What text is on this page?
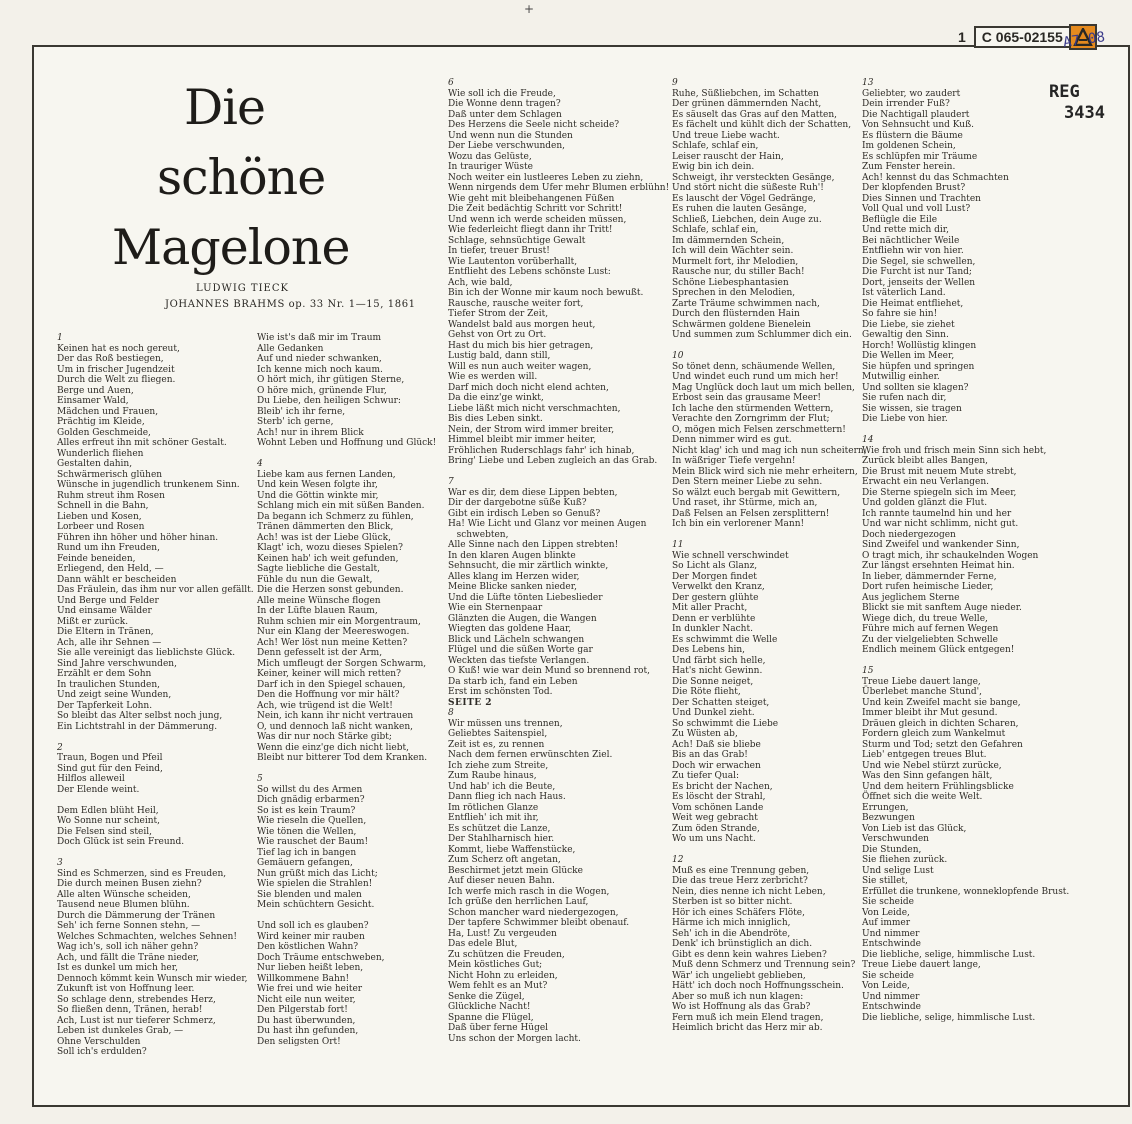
+
1	C 065-02155 A7 08
REG
3434
Die
schöne
Magelone
LUDWIG TIECK
JOHANNES BRAHMS op. 33 Nr. 1—15, 1861
1
Keinen hat es noch gereut,
Der das Roß bestiegen,
Um in frischer Jugendzeit
Durch die Welt zu fliegen.
Berge und Auen,
Einsamer Wald,
Mädchen und Frauen,
Prächtig im Kleide,
Golden Geschmeide,
Alles erfreut ihn mit schöner Gestalt.
Wunderlich fliehen
Gestalten dahin,
Schwärmerisch glühen
Wünsche in jugendlich trunkenem Sinn.
Ruhm streut ihm Rosen
Schnell in die Bahn,
Lieben und Kosen,
Lorbeer und Rosen
Führen ihn höher und höher hinan.
Rund um ihn Freuden,
Feinde beneiden,
Erliegend, den Held, —
Dann wählt er bescheiden
Das Fräulein, das ihm nur vor allen gefällt.
Und Berge und Felder
Und einsame Wälder
Mißt er zurück.
Die Eltern in Tränen,
Ach, alle ihr Sehnen —
Sie alle vereinigt das lieblichste Glück.
Sind Jahre verschwunden,
Erzählt er dem Sohn
In traulichen Stunden,
Und zeigt seine Wunden,
Der Tapferkeit Lohn.
So bleibt das Alter selbst noch jung,
Ein Lichtstrahl in der Dämmerung.

2
Traun, Bogen und Pfeil
Sind gut für den Feind,
Hilflos alleweil
Der Elende weint.

Dem Edlen blüht Heil,
Wo Sonne nur scheint,
Die Felsen sind steil,
Doch Glück ist sein Freund.

3
Sind es Schmerzen, sind es Freuden,
Die durch meinen Busen ziehn?
Alle alten Wünsche scheiden,
Tausend neue Blumen blühn.
Durch die Dämmerung der Tränen
Seh' ich ferne Sonnen stehn, —
Welches Schmachten, welches Sehnen!
Wag ich's, soll ich näher gehn?
Ach, und fällt die Träne nieder,
Ist es dunkel um mich her,
Dennoch kömmt kein Wunsch mir wieder,
Zukunft ist von Hoffnung leer.
So schlage denn, strebendes Herz,
So fließen denn, Tränen, herab!
Ach, Lust ist nur tieferer Schmerz,
Leben ist dunkeles Grab, —
Ohne Verschulden
Soll ich's erdulden?
Wie ist's daß mir im Traum
Alle Gedanken
Auf und nieder schwanken,
Ich kenne mich noch kaum.
O hört mich, ihr gütigen Sterne,
O höre mich, grünende Flur,
Du Liebe, den heiligen Schwur:
Bleib' ich ihr ferne,
Sterb' ich gerne,
Ach! nur in ihrem Blick
Wohnt Leben und Hoffnung und Glück!

4
Liebe kam aus fernen Landen,
Und kein Wesen folgte ihr,
Und die Göttin winkte mir,
Schlang mich ein mit süßen Banden.
Da begann ich Schmerz zu fühlen,
Tränen dämmerten den Blick,
Ach! was ist der Liebe Glück,
Klagt' ich, wozu dieses Spielen?
Keinen hab' ich weit gefunden,
Sagte liebliche die Gestalt,
Fühle du nun die Gewalt,
Die die Herzen sonst gebunden.
Alle meine Wünsche flogen
In der Lüfte blauen Raum,
Ruhm schien mir ein Morgentraum,
Nur ein Klang der Meereswogen.
Ach! Wer löst nun meine Ketten?
Denn gefesselt ist der Arm,
Mich umfleugt der Sorgen Schwarm,
Keiner, keiner will mich retten?
Darf ich in den Spiegel schauen,
Den die Hoffnung vor mir hält?
Ach, wie trügend ist die Welt!
Nein, ich kann ihr nicht vertrauen
O, und dennoch laß nicht wanken,
Was dir nur noch Stärke gibt;
Wenn die einz'ge dich nicht liebt,
Bleibt nur bitterer Tod dem Kranken.

5
So willst du des Armen
Dich gnädig erbarmen?
So ist es kein Traum?
Wie rieseln die Quellen,
Wie tönen die Wellen,
Wie rauschet der Baum!
Tief lag ich in bangen
Gemäuern gefangen,
Nun grüßt mich das Licht;
Wie spielen die Strahlen!
Sie blenden und malen
Mein schüchtern Gesicht.

Und soll ich es glauben?
Wird keiner mir rauben
Den köstlichen Wahn?
Doch Träume entschweben,
Nur lieben heißt leben,
Willkommene Bahn!
Wie frei und wie heiter
Nicht eile nun weiter,
Den Pilgerstab fort!
Du hast überwunden,
Du hast ihn gefunden,
Den seligsten Ort!
6
Wie soll ich die Freude,
Die Wonne denn tragen?
Daß unter dem Schlagen
Des Herzens die Seele nicht scheide?
Und wenn nun die Stunden
Der Liebe verschwunden,
Wozu das Gelüste,
In trauriger Wüste
Noch weiter ein lustleeres Leben zu ziehn,
Wenn nirgends dem Ufer mehr Blumen erblühn!
Wie geht mit bleibehangenen Füßen
Die Zeit bedächtig Schritt vor Schritt!
Und wenn ich werde scheiden müssen,
Wie federleicht fliegt dann ihr Tritt!
Schlage, sehnsüchtige Gewalt
In tiefer, treuer Brust!
Wie Lautenton vorüberhallt,
Entflieht des Lebens schönste Lust:
Ach, wie bald,
Bin ich der Wonne mir kaum noch bewußt.
Rausche, rausche weiter fort,
Tiefer Strom der Zeit,
Wandelst bald aus morgen heut,
Gehst von Ort zu Ort.
Hast du mich bis hier getragen,
Lustig bald, dann still,
Will es nun auch weiter wagen,
Wie es werden will.
Darf mich doch nicht elend achten,
Da die einz'ge winkt,
Liebe läßt mich nicht verschmachten,
Bis dies Leben sinkt.
Nein, der Strom wird immer breiter,
Himmel bleibt mir immer heiter,
Fröhlichen Ruderschlags fahr' ich hinab,
Bring' Liebe und Leben zugleich an das Grab.

7
War es dir, dem diese Lippen bebten,
Dir der dargebotne süße Kuß?
Gibt ein irdisch Leben so Genuß?
Ha! Wie Licht und Glanz vor meinen Augen
schwebten,
Alle Sinne nach den Lippen strebten!
In den klaren Augen blinkte
Sehnsucht, die mir zärtlich winkte,
Alles klang im Herzen wider,
Meine Blicke sanken nieder,
Und die Lüfte tönten Liebeslieder
Wie ein Sternenpaar
Glänzten die Augen, die Wangen
Wiegten das goldene Haar,
Blick und Lächeln schwangen
Flügel und die süßen Worte gar
Weckten das tiefste Verlangen.
O Kuß! wie war dein Mund so brennend rot,
Da starb ich, fand ein Leben
Erst im schönsten Tod.
SEITE 2
8
Wir müssen uns trennen,
Geliebtes Saitenspiel,
Zeit ist es, zu rennen
Nach dem fernen erwünschten Ziel.
Ich ziehe zum Streite,
Zum Raube hinaus,
Und hab' ich die Beute,
Dann flieg ich nach Haus.
Im rötlichen Glanze
Entflieh' ich mit ihr,
Es schützet die Lanze,
Der Stahlharnisch hier.
Kommt, liebe Waffenstücke,
Zum Scherz oft angetan,
Beschirmet jetzt mein Glücke
Auf dieser neuen Bahn.
Ich werfe mich rasch in die Wogen,
Ich grüße den herrlichen Lauf,
Schon mancher ward niedergezogen,
Der tapfere Schwimmer bleibt obenauf.
Ha, Lust! Zu vergeuden
Das edele Blut,
Zu schützen die Freuden,
Mein köstliches Gut;
Nicht Hohn zu erleiden,
Wem fehlt es an Mut?
Senke die Zügel,
Glückliche Nacht!
Spanne die Flügel,
Daß über ferne Hügel
Uns schon der Morgen lacht.
9
Ruhe, Süßliebchen, im Schatten
Der grünen dämmernden Nacht,
Es säuselt das Gras auf den Matten,
Es fächelt und kühlt dich der Schatten,
Und treue Liebe wacht.
Schlafe, schlaf ein,
Leiser rauscht der Hain,
Ewig bin ich dein.
Schweigt, ihr versteckten Gesänge,
Und stört nicht die süßeste Ruh'!
Es lauscht der Vögel Gedränge,
Es ruhen die lauten Gesänge,
Schließ, Liebchen, dein Auge zu.
Schlafe, schlaf ein,
Im dämmernden Schein,
Ich will dein Wächter sein.
Murmelt fort, ihr Melodien,
Rausche nur, du stiller Bach!
Schöne Liebesphantasien
Sprechen in den Melodien,
Zarte Träume schwimmen nach,
Durch den flüsternden Hain
Schwärmen goldene Bienelein
Und summen zum Schlummer dich ein.

10
So tönet denn, schäumende Wellen,
Und windet euch rund um mich her!
Mag Unglück doch laut um mich bellen,
Erbost sein das grausame Meer!
Ich lache den stürmenden Wettern,
Verachte den Zorngrimm der Flut;
O, mögen mich Felsen zerschmettern!
Denn nimmer wird es gut.
Nicht klag' ich und mag ich nun scheitern,
In wäßriger Tiefe vergehn!
Mein Blick wird sich nie mehr erheitern,
Den Stern meiner Liebe zu sehn.
So wälzt euch bergab mit Gewittern,
Und raset, ihr Stürme, mich an,
Daß Felsen an Felsen zersplittern!
Ich bin ein verlorener Mann!

11
Wie schnell verschwindet
So Licht als Glanz,
Der Morgen findet
Verwelkt den Kranz,
Der gestern glühte
Mit aller Pracht,
Denn er verblühte
In dunkler Nacht.
Es schwimmt die Welle
Des Lebens hin,
Und färbt sich helle,
Hat's nicht Gewinn.
Die Sonne neiget,
Die Röte flieht,
Der Schatten steiget,
Und Dunkel zieht.
So schwimmt die Liebe
Zu Wüsten ab,
Ach! Daß sie bliebe
Bis an das Grab!
Doch wir erwachen
Zu tiefer Qual:
Es bricht der Nachen,
Es löscht der Strahl,
Vom schönen Lande
Weit weg gebracht
Zum öden Strande,
Wo um uns Nacht.

12
Muß es eine Trennung geben,
Die das treue Herz zerbricht?
Nein, dies nenne ich nicht Leben,
Sterben ist so bitter nicht.
Hör ich eines Schäfers Flöte,
Härme ich mich inniglich,
Seh' ich in die Abendröte,
Denk' ich brünstiglich an dich.
Gibt es denn kein wahres Lieben?
Muß denn Schmerz und Trennung sein?
Wär' ich ungeliebt geblieben,
Hätt' ich doch noch Hoffnungsschein.
Aber so muß ich nun klagen:
Wo ist Hoffnung als das Grab?
Fern muß ich mein Elend tragen,
Heimlich bricht das Herz mir ab.
13
Geliebter, wo zaudert
Dein irrender Fuß?
Die Nachtigall plaudert
Von Sehnsucht und Kuß.
Es flüstern die Bäume
Im goldenen Schein,
Es schlüpfen mir Träume
Zum Fenster herein.
Ach! kennst du das Schmachten
Der klopfenden Brust?
Dies Sinnen und Trachten
Voll Qual und voll Lust?
Beflügle die Eile
Und rette mich dir,
Bei nächtlicher Weile
Entfliehn wir von hier.
Die Segel, sie schwellen,
Die Furcht ist nur Tand;
Dort, jenseits der Wellen
Ist väterlich Land.
Die Heimat entfliehet,
So fahre sie hin!
Die Liebe, sie ziehet
Gewaltig den Sinn.
Horch! Wollüstig klingen
Die Wellen im Meer,
Sie hüpfen und springen
Mutwillig einher.
Und sollten sie klagen?
Sie rufen nach dir,
Sie wissen, sie tragen
Die Liebe von hier.

14
Wie froh und frisch mein Sinn sich hebt,
Zurück bleibt alles Bangen,
Die Brust mit neuem Mute strebt,
Erwacht ein neu Verlangen.
Die Sterne spiegeln sich im Meer,
Und golden glänzt die Flut.
Ich rannte taumelnd hin und her
Und war nicht schlimm, nicht gut.
Doch niedergezogen
Sind Zweifel und wankender Sinn,
O tragt mich, ihr schaukelnden Wogen
Zur längst ersehnten Heimat hin.
In lieber, dämmernder Ferne,
Dort rufen heimische Lieder,
Aus jeglichem Sterne
Blickt sie mit sanftem Auge nieder.
Wiege dich, du treue Welle,
Führe mich auf fernen Wegen
Zu der vielgeliebten Schwelle
Endlich meinem Glück entgegen!

15
Treue Liebe dauert lange,
Überlebet manche Stund',
Und kein Zweifel macht sie bange,
Immer bleibt ihr Mut gesund.
Dräuen gleich in dichten Scharen,
Fordern gleich zum Wankelmut
Sturm und Tod; setzt den Gefahren
Lieb' entgegen treues Blut.
Und wie Nebel stürzt zurücke,
Was den Sinn gefangen hält,
Und dem heitern Frühlingsblicke
Öffnet sich die weite Welt.
Errungen,
Bezwungen
Von Lieb ist das Glück,
Verschwunden
Die Stunden,
Sie fliehen zurück.
Und selige Lust
Sie stillet,
Erfüllet die trunkene, wonneklopfende Brust.
Sie scheide
Von Leide,
Auf immer
Und nimmer
Entschwinde
Die liebliche, selige, himmlische Lust.
Treue Liebe dauert lange,
Sie scheide
Von Leide,
Und nimmer
Entschwinde
Die liebliche, selige, himmlische Lust.
